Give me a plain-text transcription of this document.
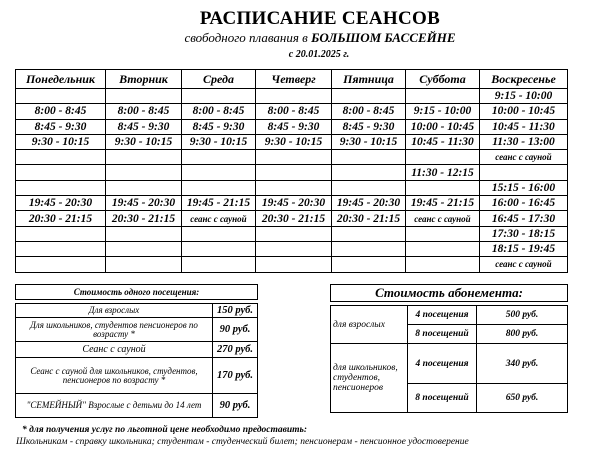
РАСПИСАНИЕ СЕАНСОВ
свободного плавания в БОЛЬШОМ БАССЕЙНЕ
с 20.01.2025 г.
Понедельник	Вторник	Среда	Четверг	Пятница	Суббота	Воскресенье
						9:15 - 10:00
8:00 - 8:45	8:00 - 8:45	8:00 - 8:45	8:00 - 8:45	8:00 - 8:45	9:15 - 10:00	10:00 - 10:45
8:45 - 9:30	8:45 - 9:30	8:45 - 9:30	8:45 - 9:30	8:45 - 9:30	10:00 - 10:45	10:45 - 11:30
9:30 - 10:15	9:30 - 10:15	9:30 - 10:15	9:30 - 10:15	9:30 - 10:15	10:45 - 11:30	11:30 - 13:00
						сеанс с сауной
					11:30 - 12:15	
						15:15 - 16:00
19:45 - 20:30	19:45 - 20:30	19:45 - 21:15	19:45 - 20:30	19:45 - 20:30	19:45 - 21:15	16:00 - 16:45
20:30 - 21:15	20:30 - 21:15	сеанс с сауной	20:30 - 21:15	20:30 - 21:15	сеанс с сауной	16:45 - 17:30
						17:30 - 18:15
						18:15 - 19:45
						сеанс с сауной
Стоимость одного посещения:	

Для взрослых	150 руб.
Для школьников, студентов пенсионеров по возрасту *	90 руб.
Сеанс с сауной	270 руб.
Сеанс с сауной для школьников, студентов, пенсионеров по возрасту *	170 руб.
"СЕМЕЙНЫЙ" Взрослые с детьми до 14 лет	90 руб.
Стоимость абонемента:		

для взрослых	4 посещения	500 руб.
	8 посещений	800 руб.
для школьников, студентов, пенсионеров	4 посещения	340 руб.
	8 посещений	650 руб.
* для получения услуг по льготной цене необходимо предоставить:
Школьникам - справку школьника; студентам - студенческий билет; пенсионерам - пенсионное удостоверение
